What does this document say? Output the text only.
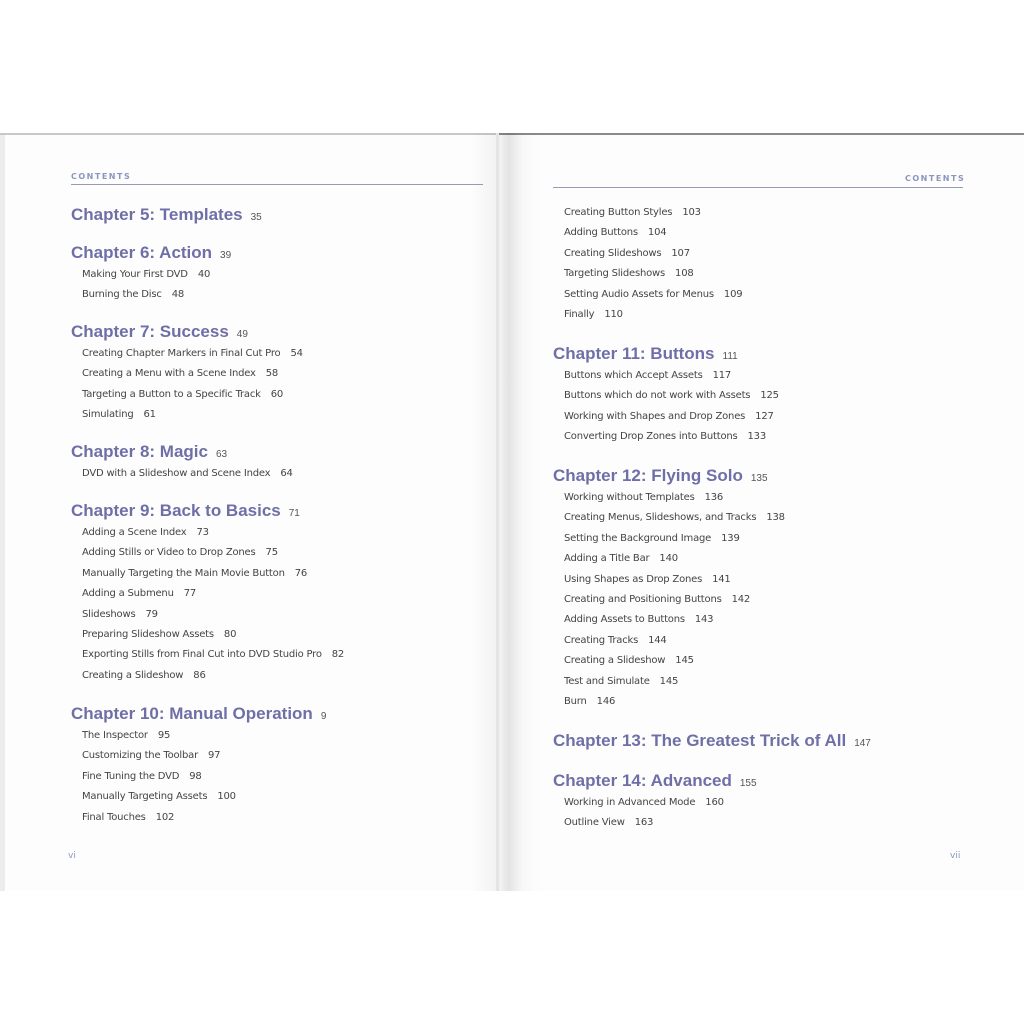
CONTENTS
Chapter 5: Templates 35
Chapter 6: Action 39
Making Your First DVD 40
Burning the Disc 48
Chapter 7: Success 49
Creating Chapter Markers in Final Cut Pro 54
Creating a Menu with a Scene Index 58
Targeting a Button to a Specific Track 60
Simulating 61
Chapter 8: Magic 63
DVD with a Slideshow and Scene Index 64
Chapter 9: Back to Basics 71
Adding a Scene Index 73
Adding Stills or Video to Drop Zones 75
Manually Targeting the Main Movie Button 76
Adding a Submenu 77
Slideshows 79
Preparing Slideshow Assets 80
Exporting Stills from Final Cut into DVD Studio Pro 82
Creating a Slideshow 86
Chapter 10: Manual Operation 9
The Inspector 95
Customizing the Toolbar 97
Fine Tuning the DVD 98
Manually Targeting Assets 100
Final Touches 102
vi
CONTENTS
Creating Button Styles 103
Adding Buttons 104
Creating Slideshows 107
Targeting Slideshows 108
Setting Audio Assets for Menus 109
Finally 110
Chapter 11: Buttons 111
Buttons which Accept Assets 117
Buttons which do not work with Assets 125
Working with Shapes and Drop Zones 127
Converting Drop Zones into Buttons 133
Chapter 12: Flying Solo 135
Working without Templates 136
Creating Menus, Slideshows, and Tracks 138
Setting the Background Image 139
Adding a Title Bar 140
Using Shapes as Drop Zones 141
Creating and Positioning Buttons 142
Adding Assets to Buttons 143
Creating Tracks 144
Creating a Slideshow 145
Test and Simulate 145
Burn 146
Chapter 13: The Greatest Trick of All 147
Chapter 14: Advanced 155
Working in Advanced Mode 160
Outline View 163
vii
